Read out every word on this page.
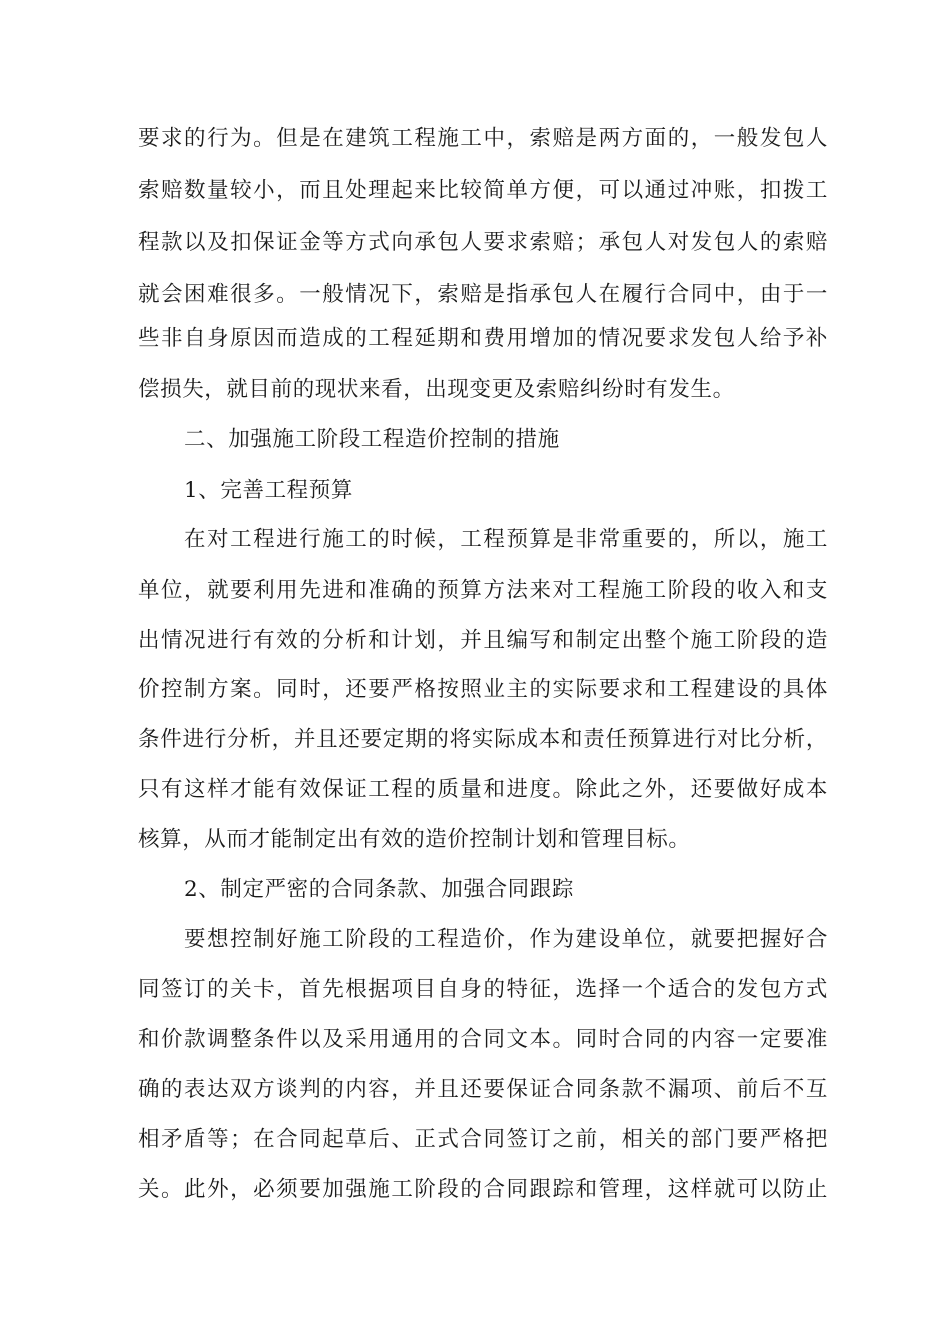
要求的行为。但是在建筑工程施工中，索赔是两方面的，一般发包人
索赔数量较小，而且处理起来比较简单方便，可以通过冲账，扣拨工
程款以及扣保证金等方式向承包人要求索赔；承包人对发包人的索赔
就会困难很多。一般情况下，索赔是指承包人在履行合同中，由于一
些非自身原因而造成的工程延期和费用增加的情况要求发包人给予补
偿损失，就目前的现状来看，出现变更及索赔纠纷时有发生。
二、加强施工阶段工程造价控制的措施
1、完善工程预算
在对工程进行施工的时候，工程预算是非常重要的，所以，施工
单位，就要利用先进和准确的预算方法来对工程施工阶段的收入和支
出情况进行有效的分析和计划，并且编写和制定出整个施工阶段的造
价控制方案。同时，还要严格按照业主的实际要求和工程建设的具体
条件进行分析，并且还要定期的将实际成本和责任预算进行对比分析，
只有这样才能有效保证工程的质量和进度。除此之外，还要做好成本
核算，从而才能制定出有效的造价控制计划和管理目标。
2、制定严密的合同条款、加强合同跟踪
要想控制好施工阶段的工程造价，作为建设单位，就要把握好合
同签订的关卡，首先根据项目自身的特征，选择一个适合的发包方式
和价款调整条件以及采用通用的合同文本。同时合同的内容一定要准
确的表达双方谈判的内容，并且还要保证合同条款不漏项、前后不互
相矛盾等；在合同起草后、正式合同签订之前，相关的部门要严格把
关。此外，必须要加强施工阶段的合同跟踪和管理，这样就可以防止
